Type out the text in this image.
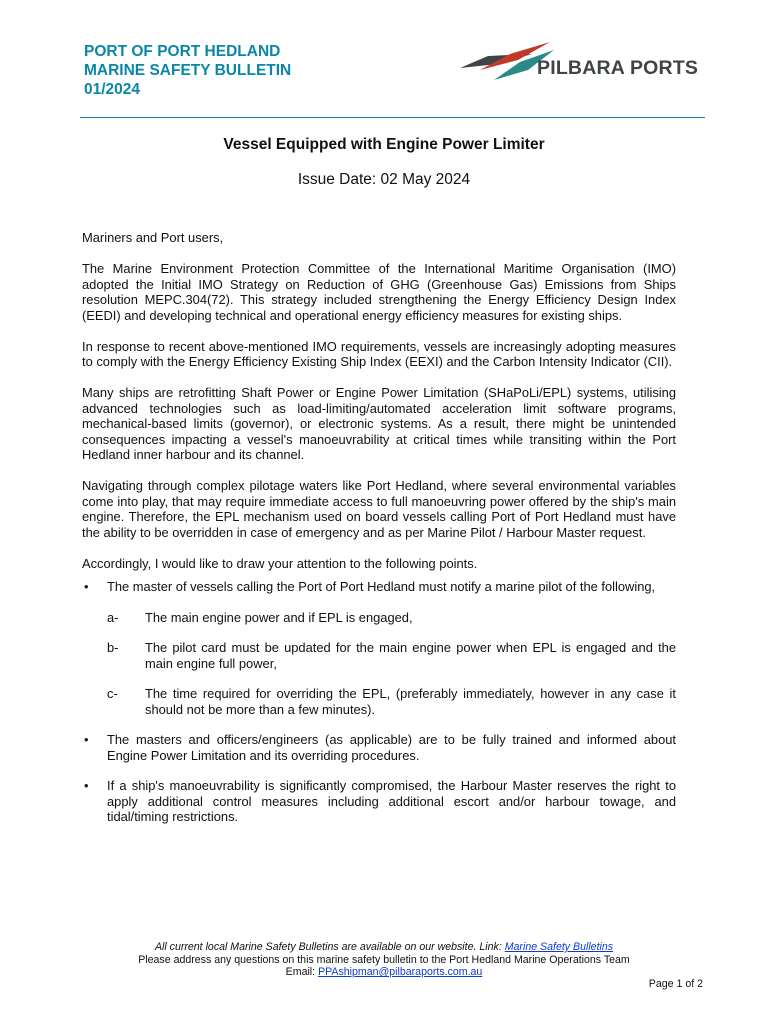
PORT OF PORT HEDLAND
MARINE SAFETY BULLETIN
01/2024
PILBARA PORTS
Vessel Equipped with Engine Power Limiter
Issue Date: 02 May 2024

Mariners and Port users,

The Marine Environment Protection Committee of the International Maritime Organisation (IMO) adopted the Initial IMO Strategy on Reduction of GHG (Greenhouse Gas) Emissions from Ships resolution MEPC.304(72). This strategy included strengthening the Energy Efficiency Design Index (EEDI) and developing technical and operational energy efficiency measures for existing ships.

In response to recent above-mentioned IMO requirements, vessels are increasingly adopting measures to comply with the Energy Efficiency Existing Ship Index (EEXI) and the Carbon Intensity Indicator (CII).

Many ships are retrofitting Shaft Power or Engine Power Limitation (SHaPoLi/EPL) systems, utilising advanced technologies such as load-limiting/automated acceleration limit software programs, mechanical-based limits (governor), or electronic systems. As a result, there might be unintended consequences impacting a vessel's manoeuvrability at critical times while transiting within the Port Hedland inner harbour and its channel.

Navigating through complex pilotage waters like Port Hedland, where several environmental variables come into play, that may require immediate access to full manoeuvring power offered by the ship's main engine. Therefore, the EPL mechanism used on board vessels calling Port of Port Hedland must have the ability to be overridden in case of emergency and as per Marine Pilot / Harbour Master request.

Accordingly, I would like to draw your attention to the following points.

• The master of vessels calling the Port of Port Hedland must notify a marine pilot of the following,
a- The main engine power and if EPL is engaged,
b- The pilot card must be updated for the main engine power when EPL is engaged and the main engine full power,
c- The time required for overriding the EPL, (preferably immediately, however in any case it should not be more than a few minutes).
• The masters and officers/engineers (as applicable) are to be fully trained and informed about Engine Power Limitation and its overriding procedures.
• If a ship's manoeuvrability is significantly compromised, the Harbour Master reserves the right to apply additional control measures including additional escort and/or harbour towage, and tidal/timing restrictions.
All current local Marine Safety Bulletins are available on our website. Link: Marine Safety Bulletins
Please address any questions on this marine safety bulletin to the Port Hedland Marine Operations Team
Email: PPAshipman@pilbaraports.com.au
Page 1 of 2
